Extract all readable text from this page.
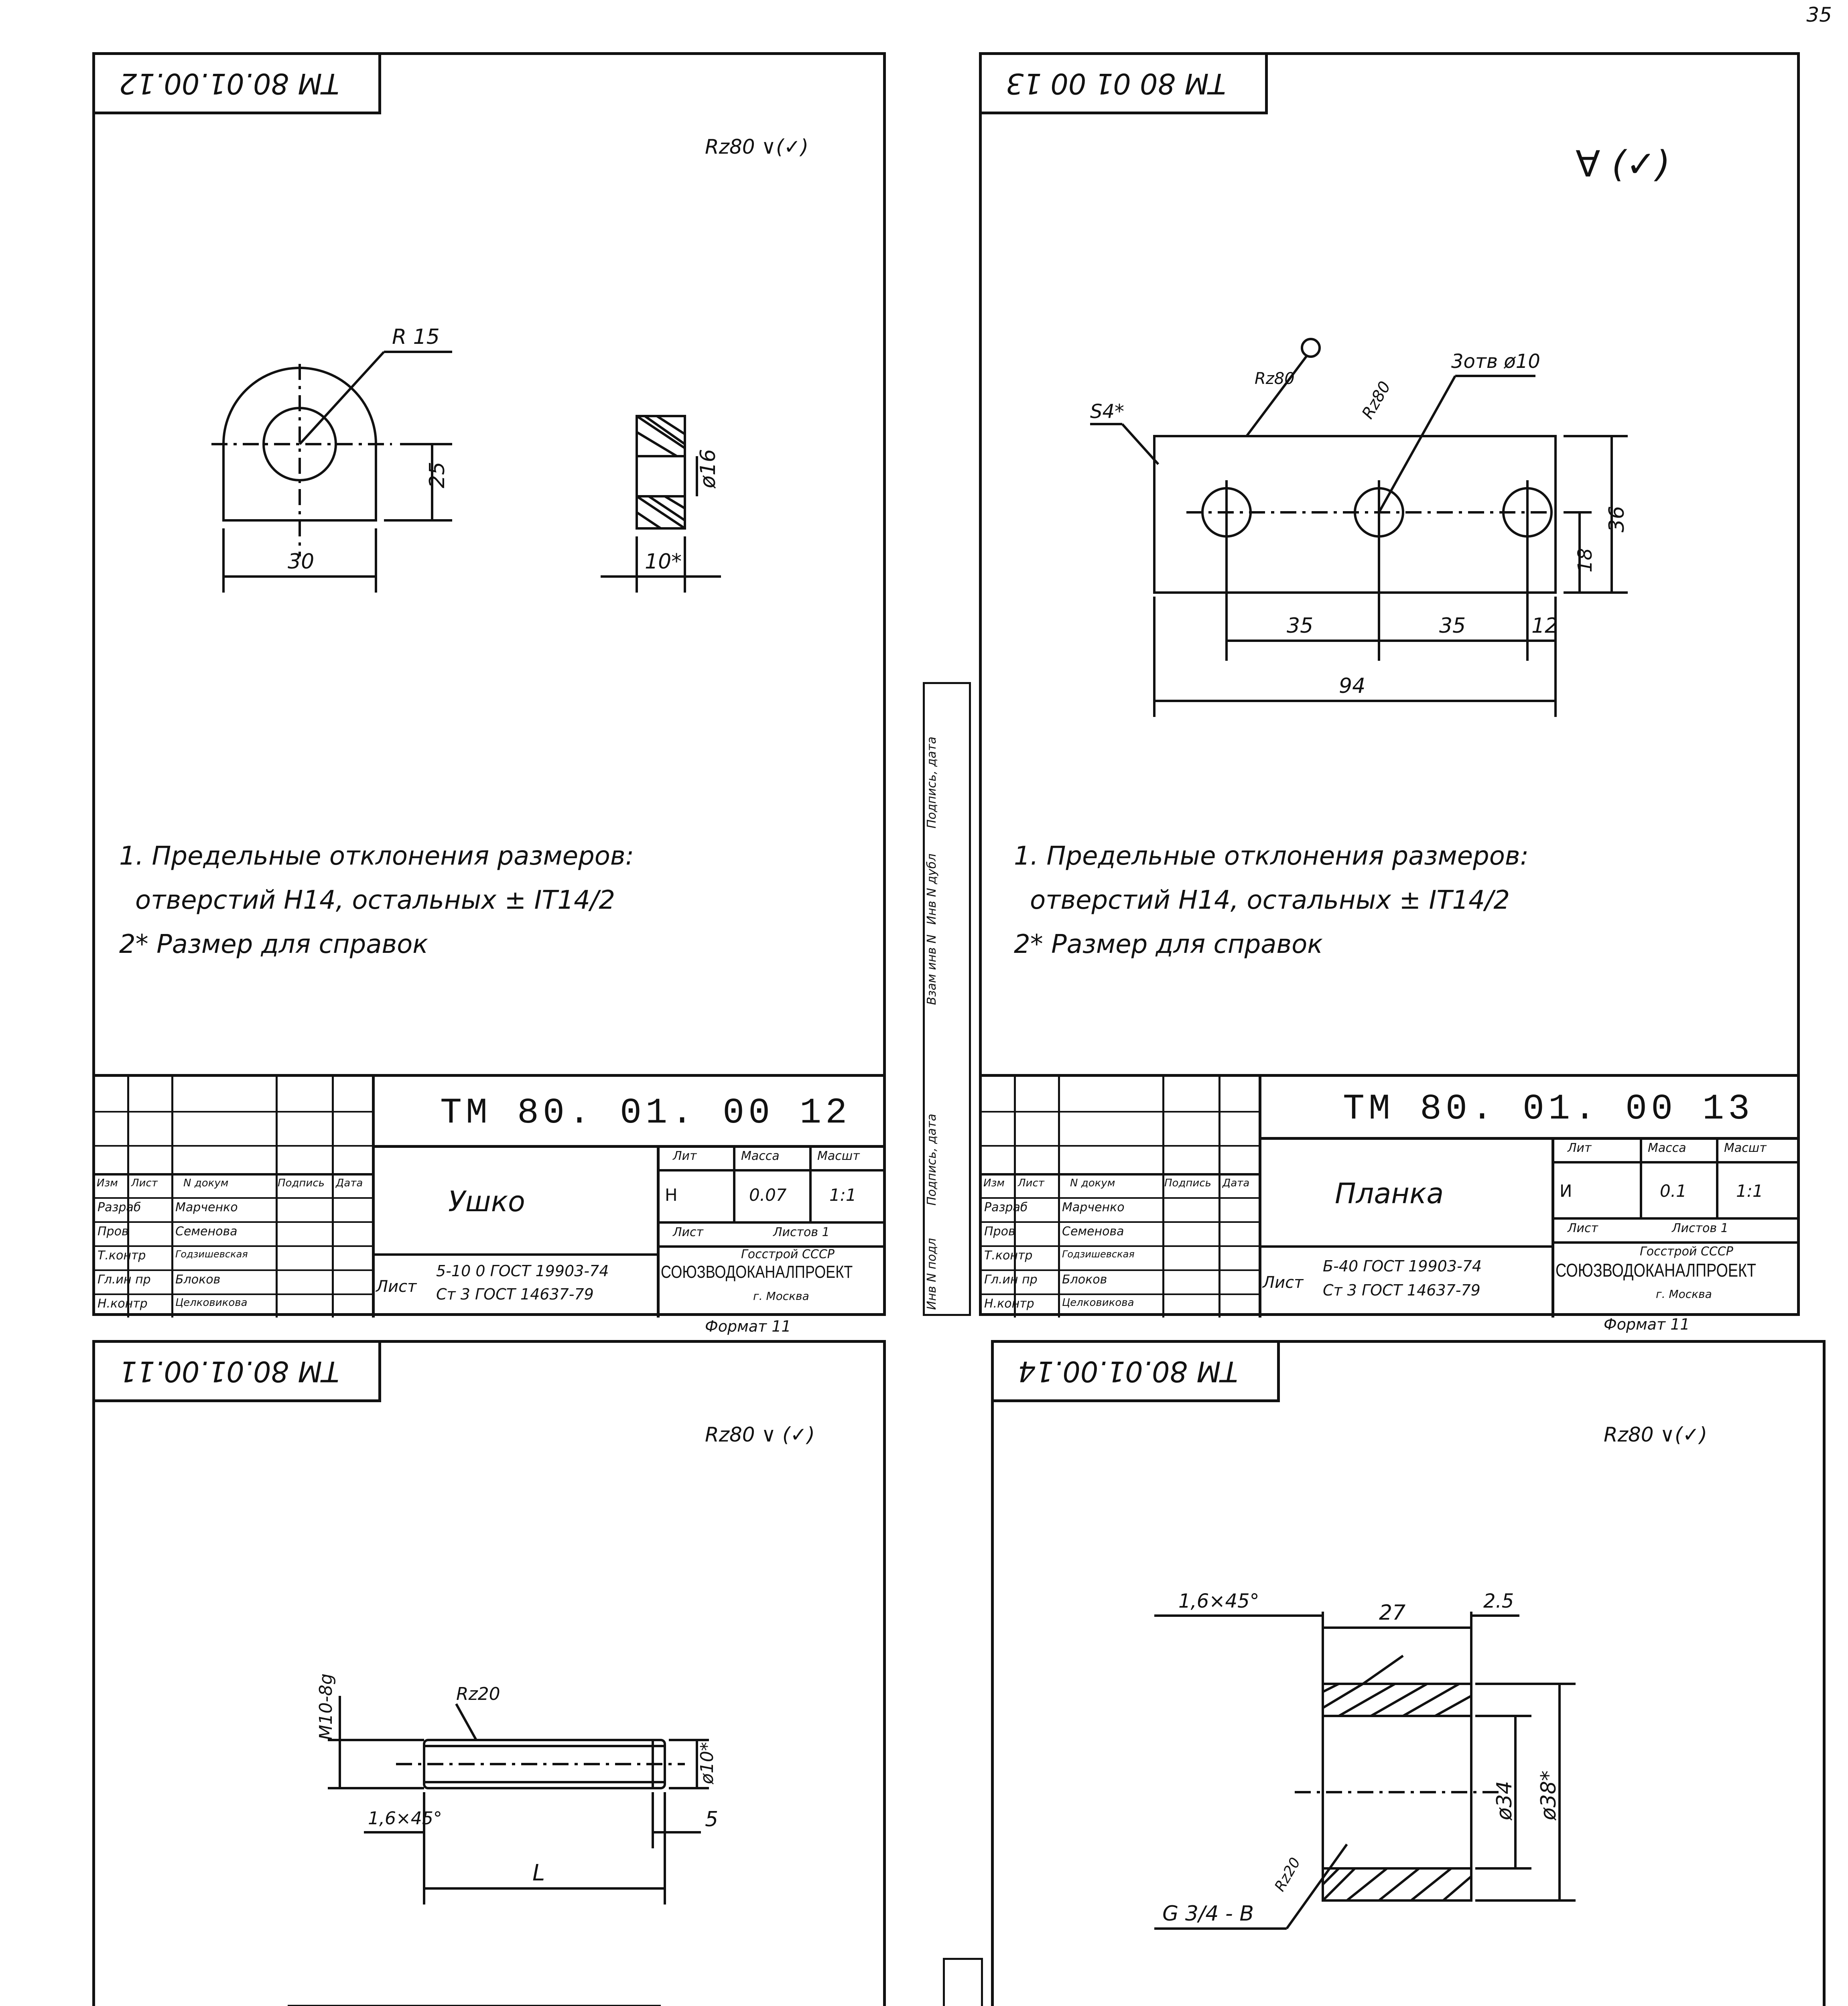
35
ТМ 80.01.00.12
Rz80 ∨(✓)
R 15
25
30
ø16
10*
1. Предельные отклонения размеров:
отверстий Н14, остальных ± IT14/2
2* Размер для справок
ТМ 80. 01. 00 12
Лит	Масса	Масшт
Н	0.07	1:1
Лист	Листов 1
Госстрой СССР
СОЮЗВОДОКАНАЛПРОЕКТ
г. Москва
Ушко
Лист
5-10 0 ГОСТ 19903-74
Ст 3 ГОСТ 14637-79
Формат 11
Изм Лист N докум	Подпись Дата
Разраб	Марченко
Пров	Семенова
Т.контр	Годзишевская
Гл.ин пр Блоков
Н.контр	Целковикова
ТМ 80 01 00 13
∀ (✓)
3отв ø10
S4*
Rz80	Rz80
36
18
35	35	12
94
1. Предельные отклонения размеров:
отверстий Н14, остальных ± IT14/2
2* Размер для справок
ТМ 80. 01. 00 13
Лит	Масса	Масшт
И	0.1	1:1
Лист	Листов 1
Госстрой СССР
СОЮЗВОДОКАНАЛПРОЕКТ
г. Москва
Планка
Лист
Б-40 ГОСТ 19903-74
Ст 3 ГОСТ 14637-79
Формат 11
Изм Лист N докум	Подпись Дата
Разраб	Марченко
Пров	Семенова
Т.контр	Годзишевская
Гл.ин пр Блоков
Н.контр	Целковикова
Взам инв N
Инв N дубл
Подпись, дата
Инв N подл
Подпись, дата
ТМ 80.01.00.11
Rz80 ∨ (✓)
М10-8g	Rz20
1,6×45°
ø10*
5
L
ТМ 80.01.00.14
Rz80 ∨(✓)
27
1,6×45°	2.5
ø34 ø38*
G 3/4 - В
Rz20
